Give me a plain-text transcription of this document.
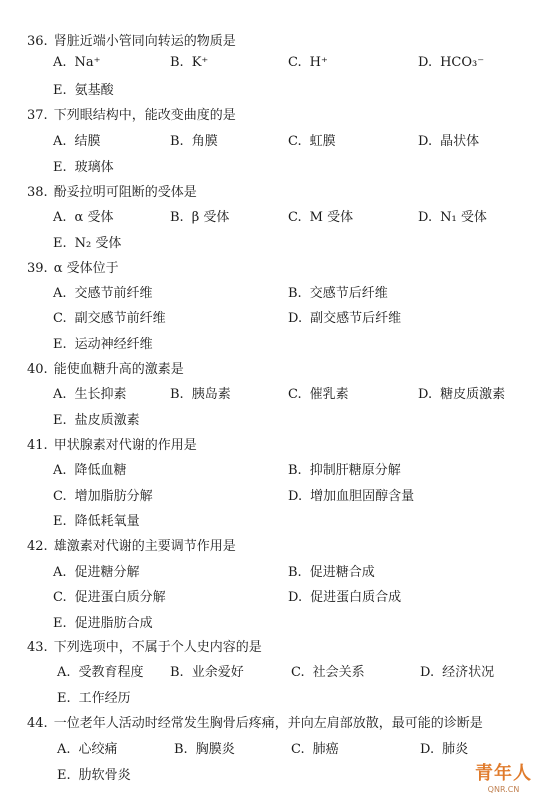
36. 肾脏近端小管同向转运的物质是
A. Na⁺	B. K⁺	C. H⁺	D. HCO₃⁻
E. 氨基酸
37. 下列眼结构中，能改变曲度的是
A. 结膜	B. 角膜	C. 虹膜	D. 晶状体
E. 玻璃体
38. 酚妥拉明可阻断的受体是
A. α 受体	B. β 受体	C. M 受体	D. N₁ 受体
E. N₂ 受体
39. α 受体位于
A. 交感节前纤维	B. 交感节后纤维
C. 副交感节前纤维	D. 副交感节后纤维
E. 运动神经纤维
40. 能使血糖升高的激素是
A. 生长抑素	B. 胰岛素	C. 催乳素	D. 糖皮质激素
E. 盐皮质激素
41. 甲状腺素对代谢的作用是
A. 降低血糖	B. 抑制肝糖原分解
C. 增加脂肪分解	D. 增加血胆固醇含量
E. 降低耗氧量
42. 雄激素对代谢的主要调节作用是
A. 促进糖分解	B. 促进糖合成
C. 促进蛋白质分解	D. 促进蛋白质合成
E. 促进脂肪合成
43. 下列选项中，不属于个人史内容的是
A. 受教育程度 B. 业余爱好	C. 社会关系	D. 经济状况
E. 工作经历
44. 一位老年人活动时经常发生胸骨后疼痛，并向左肩部放散，最可能的诊断是
A. 心绞痛	B. 胸膜炎	C. 肺癌	D. 肺炎
E. 肋软骨炎	青年人
QNR.CN
